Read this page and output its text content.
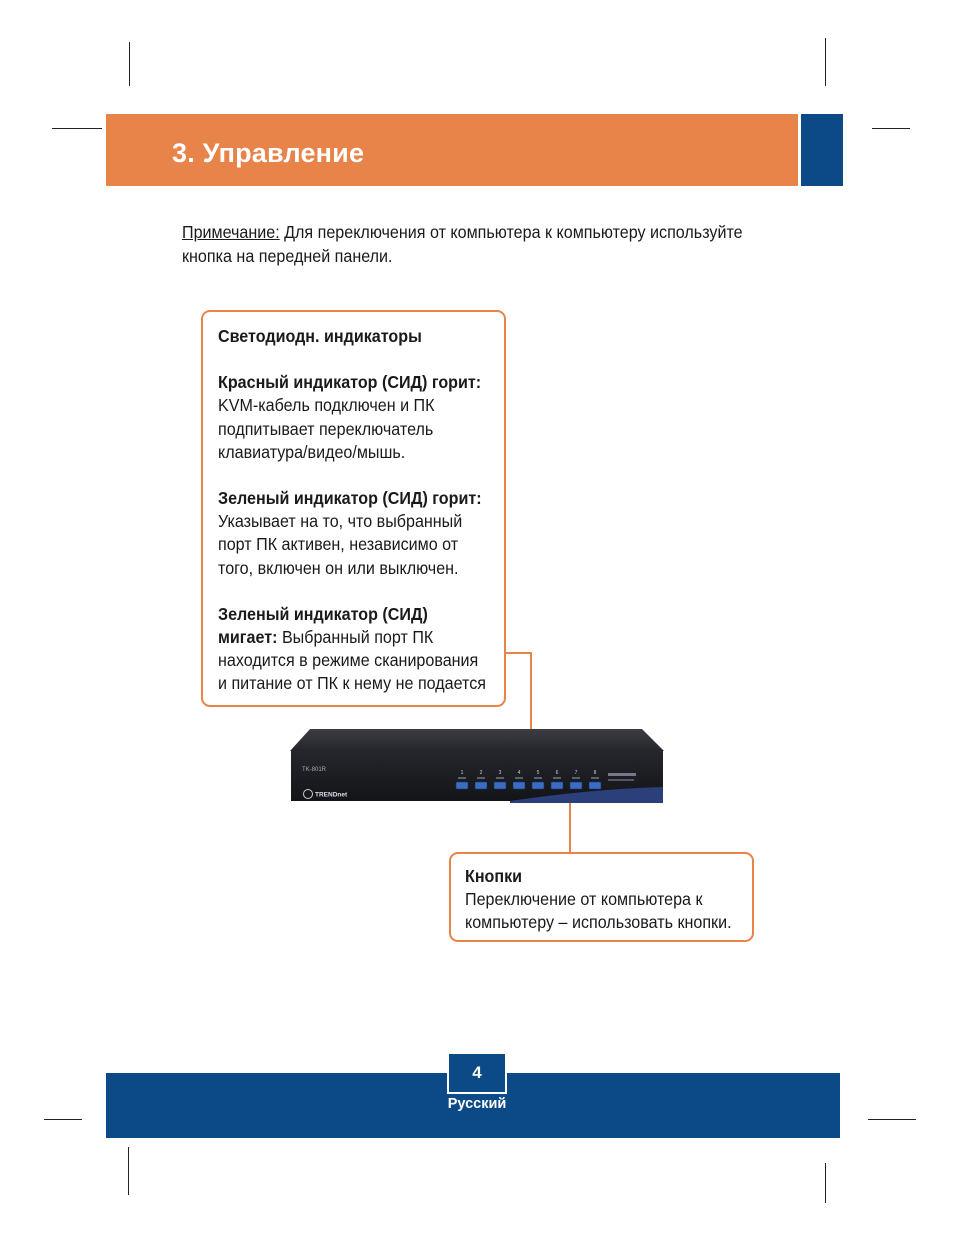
3. Управление
Примечание: Для переключения от компьютера к компьютеру используйте кнопка на передней панели.

Светодиодн. индикаторы

Красный индикатор (СИД) горит:

KVM-кабель подключен и ПК

подпитывает переключатель

клавиатура/видео/мышь.

Зеленый индикатор (СИД) горит:

Указывает на то, что выбранный

порт ПК активен, независимо от

того, включен он или выключен.

Зеленый индикатор (СИД)

мигает: Выбранный порт ПК

находится в режиме сканирования

и питание от ПК к нему не подается

TK-801R
TRENDnet
1	2	3	4	5	6	7	8

Кнопки

Переключение от компьютера к

компьютеру – использовать кнопки.

4
Русский
